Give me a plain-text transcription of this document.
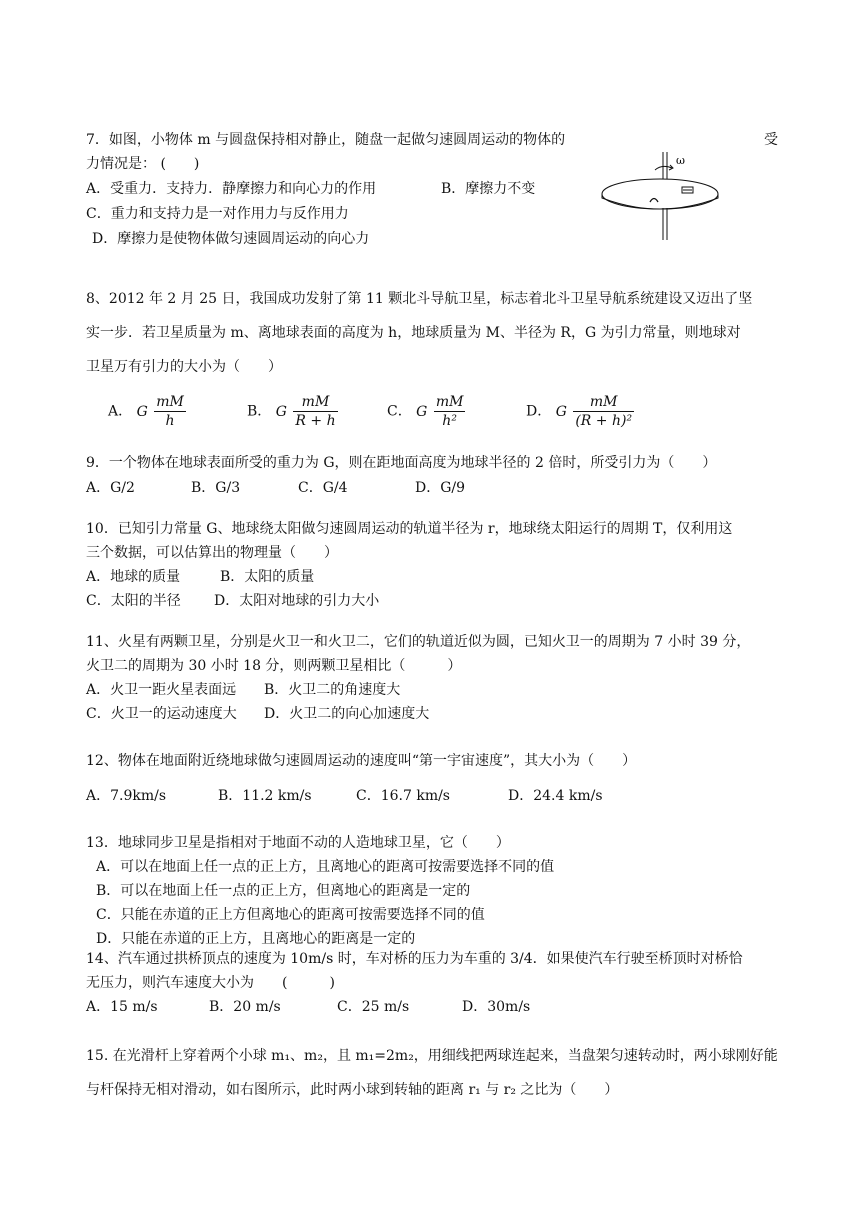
7．如图，小物体 m 与圆盘保持相对静止，随盘一起做匀速圆周运动的物体的	受
力情况是： (　　)
A．受重力．支持力．静摩擦力和向心力的作用	B．摩擦力不变
C．重力和支持力是一对作用力与反作用力
D．摩擦力是使物体做匀速圆周运动的向心力
ω
8、2012 年 2 月 25 日，我国成功发射了第 11 颗北斗导航卫星，标志着北斗卫星导航系统建设又迈出了坚
实一步．若卫星质量为 m、离地球表面的高度为 h，地球质量为 M、半径为 R，G 为引力常量，则地球对
卫星万有引力的大小为（　　）
A． G $\frac{mM}{h}$	B． G $\frac{mM}{R + h}$	C． G $\frac{mM}{\text{h²}}$	D． G $\frac{mM}{\text{(R + h)²}}$
9．一个物体在地球表面所受的重力为 G，则在距地面高度为地球半径的 2 倍时，所受引力为（　　）
A．G/2	B．G/3	C．G/4	D．G/9
10．已知引力常量 G、地球绕太阳做匀速圆周运动的轨道半径为 r，地球绕太阳运行的周期 T，仅利用这
三个数据，可以估算出的物理量（　　）
A．地球的质量	B．太阳的质量
C．太阳的半径 D．太阳对地球的引力大小
11、火星有两颗卫星，分别是火卫一和火卫二，它们的轨道近似为圆，已知火卫一的周期为 7 小时 39 分，
火卫二的周期为 30 小时 18 分，则两颗卫星相比（　　　）
A．火卫一距火星表面远 B．火卫二的角速度大
C．火卫一的运动速度大 D．火卫二的向心加速度大
12、物体在地面附近绕地球做匀速圆周运动的速度叫“第一宇宙速度”，其大小为（　　）
A．7.9km/s	B．11.2 km/s	C．16.7 km/s	D．24.4 km/s
13．地球同步卫星是指相对于地面不动的人造地球卫星，它（　　）
A．可以在地面上任一点的正上方，且离地心的距离可按需要选择不同的值
B．可以在地面上任一点的正上方，但离地心的距离是一定的
C．只能在赤道的正上方但离地心的距离可按需要选择不同的值
D．只能在赤道的正上方，且离地心的距离是一定的
14、汽车通过拱桥顶点的速度为 10m/s 时，车对桥的压力为车重的 3/4．如果使汽车行驶至桥顶时对桥恰
无压力，则汽车速度大小为　　(　　　)
A．15 m/s	B．20 m/s	C．25 m/s	D．30m/s
15. 在光滑杆上穿着两个小球 m₁、m₂，且 m₁=2m₂，用细线把两球连起来，当盘架匀速转动时，两小球刚好能
与杆保持无相对滑动，如右图所示，此时两小球到转轴的距离 r₁ 与 r₂ 之比为（　　）
